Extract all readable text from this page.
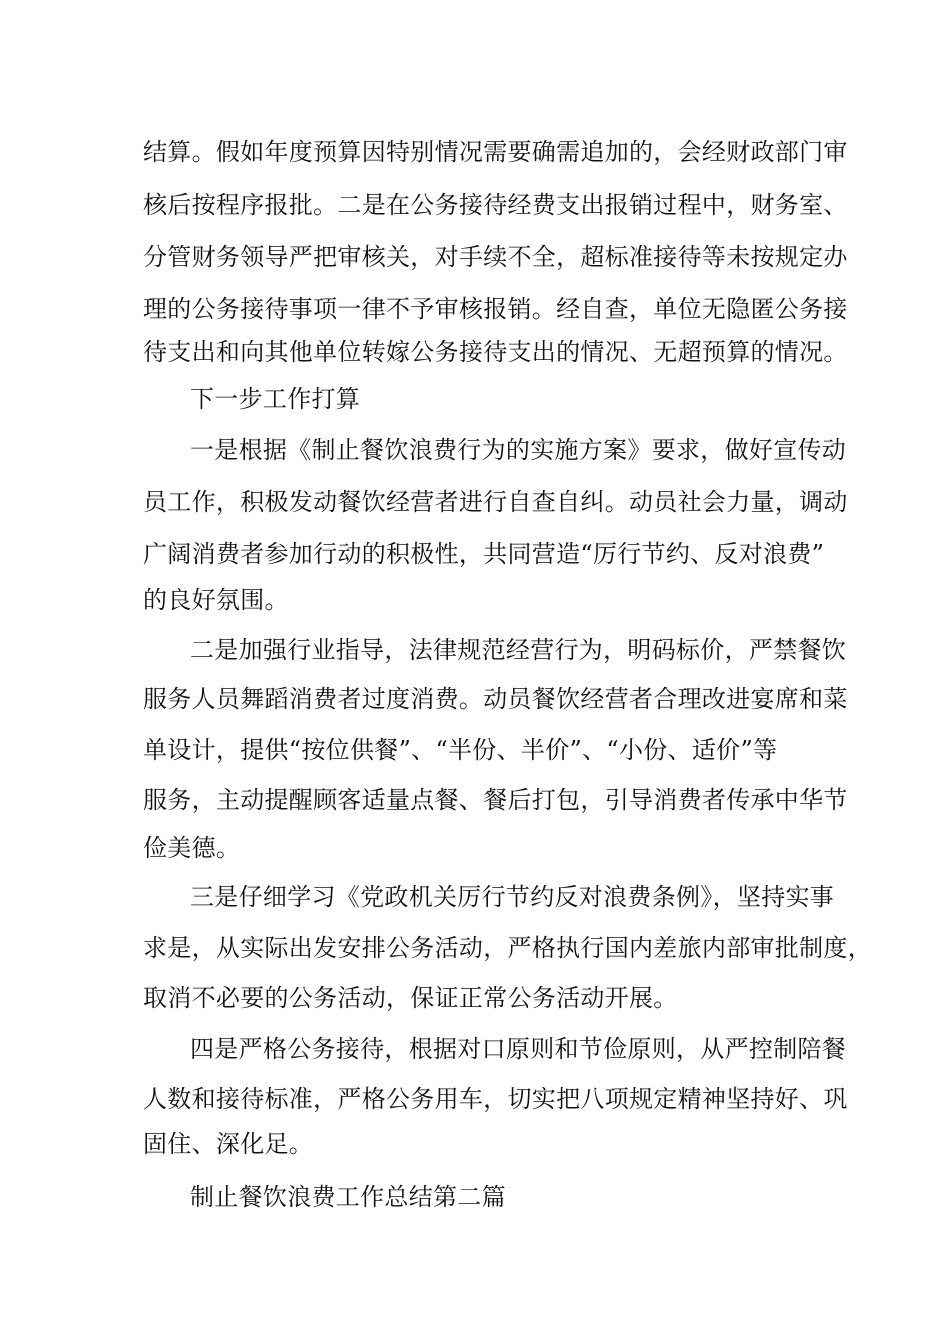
结算。假如年度预算因特别情况需要确需追加的，会经财政部门审
核后按程序报批。二是在公务接待经费支出报销过程中，财务室、
分管财务领导严把审核关，对手续不全，超标准接待等未按规定办
理的公务接待事项一律不予审核报销。经自查，单位无隐匿公务接
待支出和向其他单位转嫁公务接待支出的情况、无超预算的情况。
下一步工作打算
一是根据《制止餐饮浪费行为的实施方案》要求，做好宣传动
员工作，积极发动餐饮经营者进行自查自纠。动员社会力量，调动
广阔消费者参加行动的积极性，共同营造“厉行节约、反对浪费”
的良好氛围。
二是加强行业指导，法律规范经营行为，明码标价，严禁餐饮
服务人员舞蹈消费者过度消费。动员餐饮经营者合理改进宴席和菜
单设计，提供“按位供餐”、“半份、半价”、“小份、适价”等
服务，主动提醒顾客适量点餐、餐后打包，引导消费者传承中华节
俭美德。
三是仔细学习《党政机关厉行节约反对浪费条例》，坚持实事
求是，从实际出发安排公务活动，严格执行国内差旅内部审批制度，
取消不必要的公务活动，保证正常公务活动开展。
四是严格公务接待，根据对口原则和节俭原则，从严控制陪餐
人数和接待标准，严格公务用车，切实把八项规定精神坚持好、巩
固住、深化足。
制止餐饮浪费工作总结第二篇
